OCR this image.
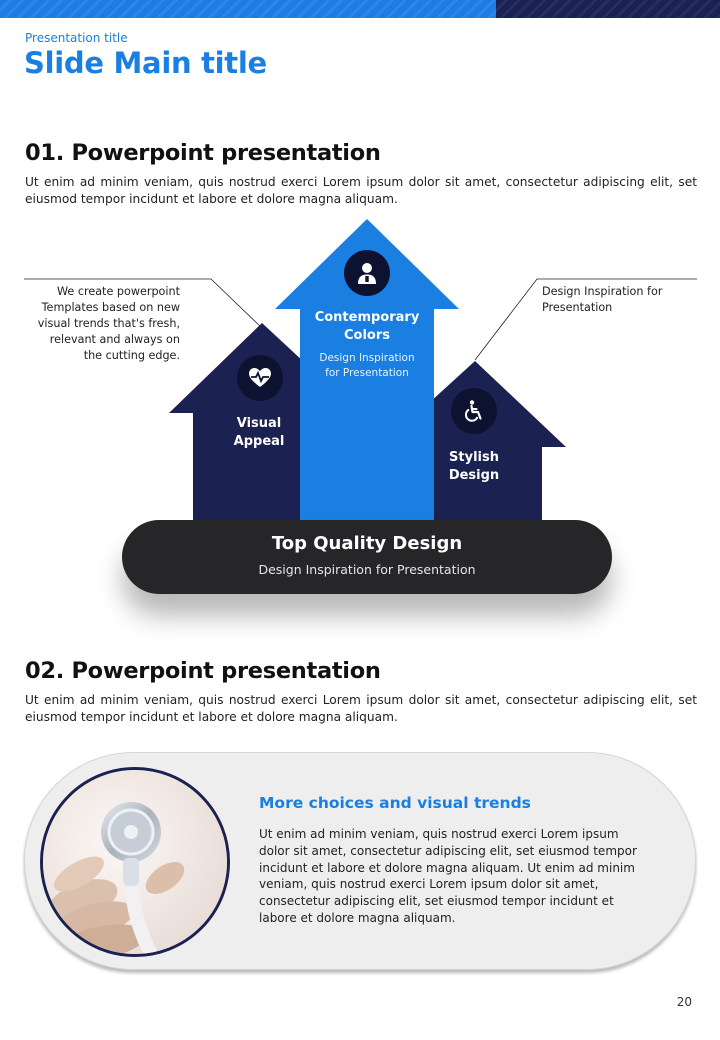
Presentation title
Slide Main title
01. Powerpoint presentation
Ut enim ad minim veniam, quis nostrud exerci Lorem ipsum dolor sit amet, consectetur adipiscing elit, set eiusmod tempor incidunt et labore et dolore magna aliquam.
We create powerpoint Templates based on new visual trends that's fresh, relevant and always on the cutting edge.
Design Inspiration for Presentation
Visual Appeal
Contemporary Colors
Design Inspiration for Presentation
Stylish Design
Top Quality Design
Design Inspiration for Presentation
02. Powerpoint presentation
Ut enim ad minim veniam, quis nostrud exerci Lorem ipsum dolor sit amet, consectetur adipiscing elit, set eiusmod tempor incidunt et labore et dolore magna aliquam.
More choices and visual trends
Ut enim ad minim veniam, quis nostrud exerci Lorem ipsum dolor sit amet, consectetur adipiscing elit, set eiusmod tempor incidunt et labore et dolore magna aliquam. Ut enim ad minim veniam, quis nostrud exerci Lorem ipsum dolor sit amet, consectetur adipiscing elit, set eiusmod tempor incidunt et labore et dolore magna aliquam.
20
